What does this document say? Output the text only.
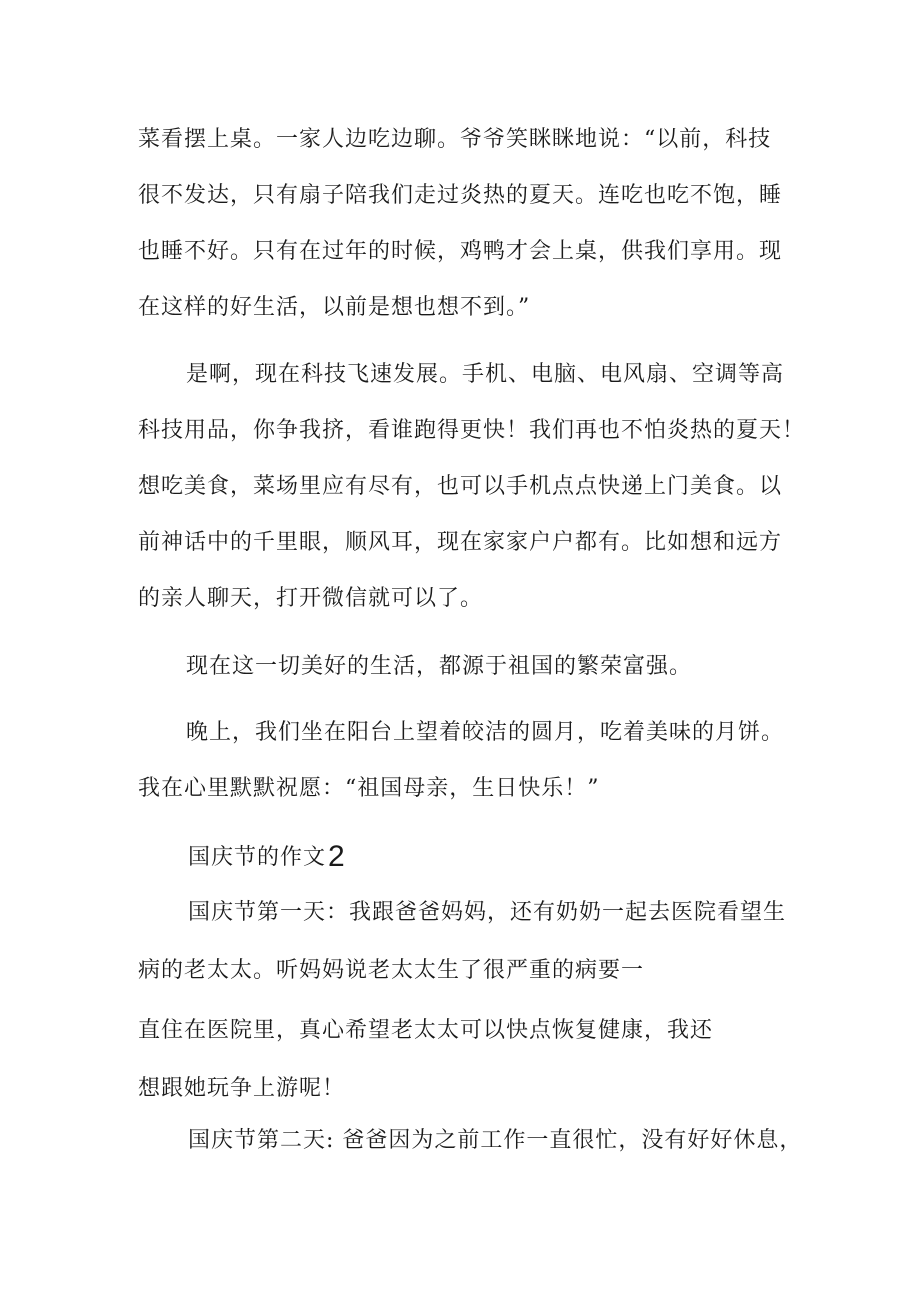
菜看摆上桌。一家人边吃边聊。爷爷笑眯眯地说：“以前，科技
很不发达，只有扇子陪我们走过炎热的夏天。连吃也吃不饱，睡
也睡不好。只有在过年的时候，鸡鸭才会上桌，供我们享用。现
在这样的好生活，以前是想也想不到。”
是啊，现在科技飞速发展。手机、电脑、电风扇、空调等高
科技用品，你争我挤，看谁跑得更快！我们再也不怕炎热的夏天！
想吃美食，菜场里应有尽有，也可以手机点点快递上门美食。以
前神话中的千里眼，顺风耳，现在家家户户都有。比如想和远方
的亲人聊天，打开微信就可以了。
现在这一切美好的生活，都源于祖国的繁荣富强。
晚上，我们坐在阳台上望着皎洁的圆月，吃着美味的月饼。
我在心里默默祝愿：“祖国母亲，生日快乐！”
国庆节的作文2
国庆节第一天：我跟爸爸妈妈，还有奶奶一起去医院看望生
病的老太太。听妈妈说老太太生了很严重的病要一
直住在医院里，真心希望老太太可以快点恢复健康，我还
想跟她玩争上游呢！
国庆节第二天: 爸爸因为之前工作一直很忙，没有好好休息，
